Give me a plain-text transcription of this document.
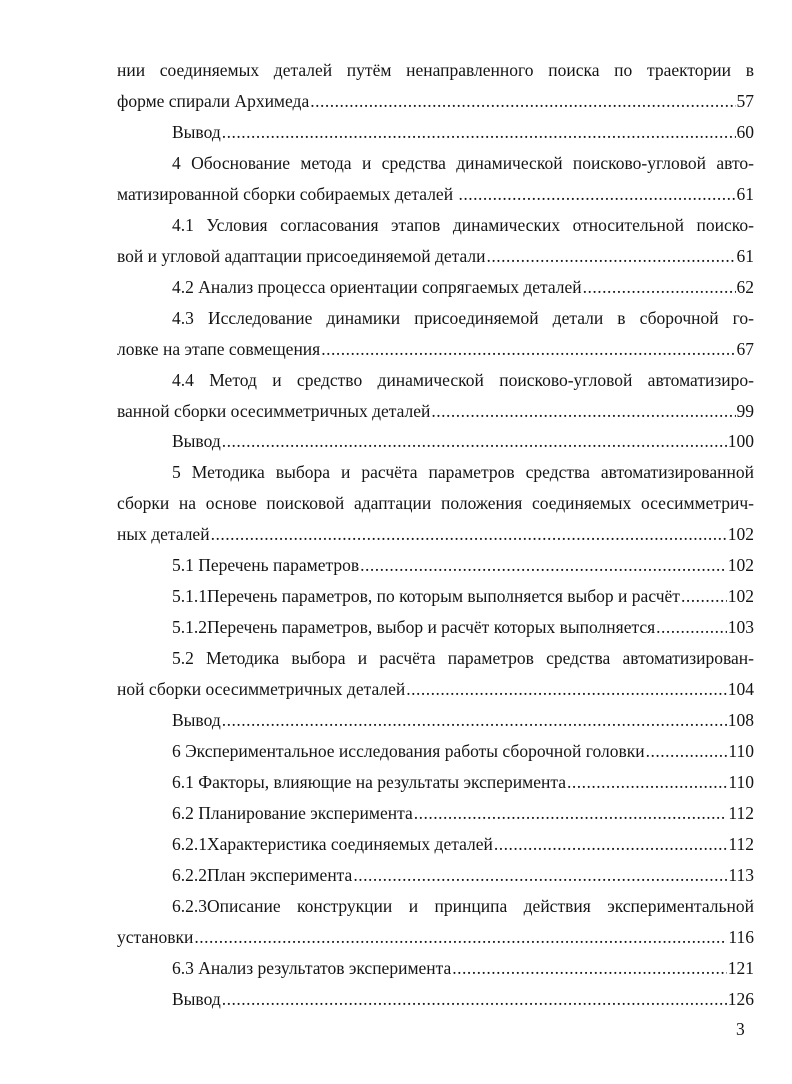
нии соединяемых деталей путём ненаправленного поиска по траектории в
форме спирали Архимеда .....	57
Вывод .....	60
4 Обоснование метода и средства динамической поисково-угловой авто-
матизированной сборки собираемых деталей .....	61
4.1 Условия согласования этапов динамических относительной поиско-
вой и угловой адаптации присоединяемой детали .....	61
4.2 Анализ процесса ориентации сопрягаемых деталей .....	62
4.3 Исследование динамики присоединяемой детали в сборочной го-
ловке на этапе совмещения .....	67
4.4 Метод и средство динамической поисково-угловой автоматизиро-
ванной сборки осесимметричных деталей .....	99
Вывод .....	100
5 Методика выбора и расчёта параметров средства автоматизированной
сборки на основе поисковой адаптации положения соединяемых осесимметрич-
ных деталей .....	102
5.1 Перечень параметров .....	102
5.1.1Перечень параметров, по которым выполняется выбор и расчёт .....	102
5.1.2Перечень параметров, выбор и расчёт которых выполняется .....	103
5.2 Методика выбора и расчёта параметров средства автоматизирован-
ной сборки осесимметричных деталей .....	104
Вывод .....	108
6 Экспериментальное исследования работы сборочной головки .....	110
6.1 Факторы, влияющие на результаты эксперимента .....	110
6.2 Планирование эксперимента .....	112
6.2.1Характеристика соединяемых деталей .....	112
6.2.2План эксперимента .....	113
6.2.3Описание конструкции и принципа действия экспериментальной
установки .....	116
6.3 Анализ результатов эксперимента .....	121
Вывод .....	126
3
